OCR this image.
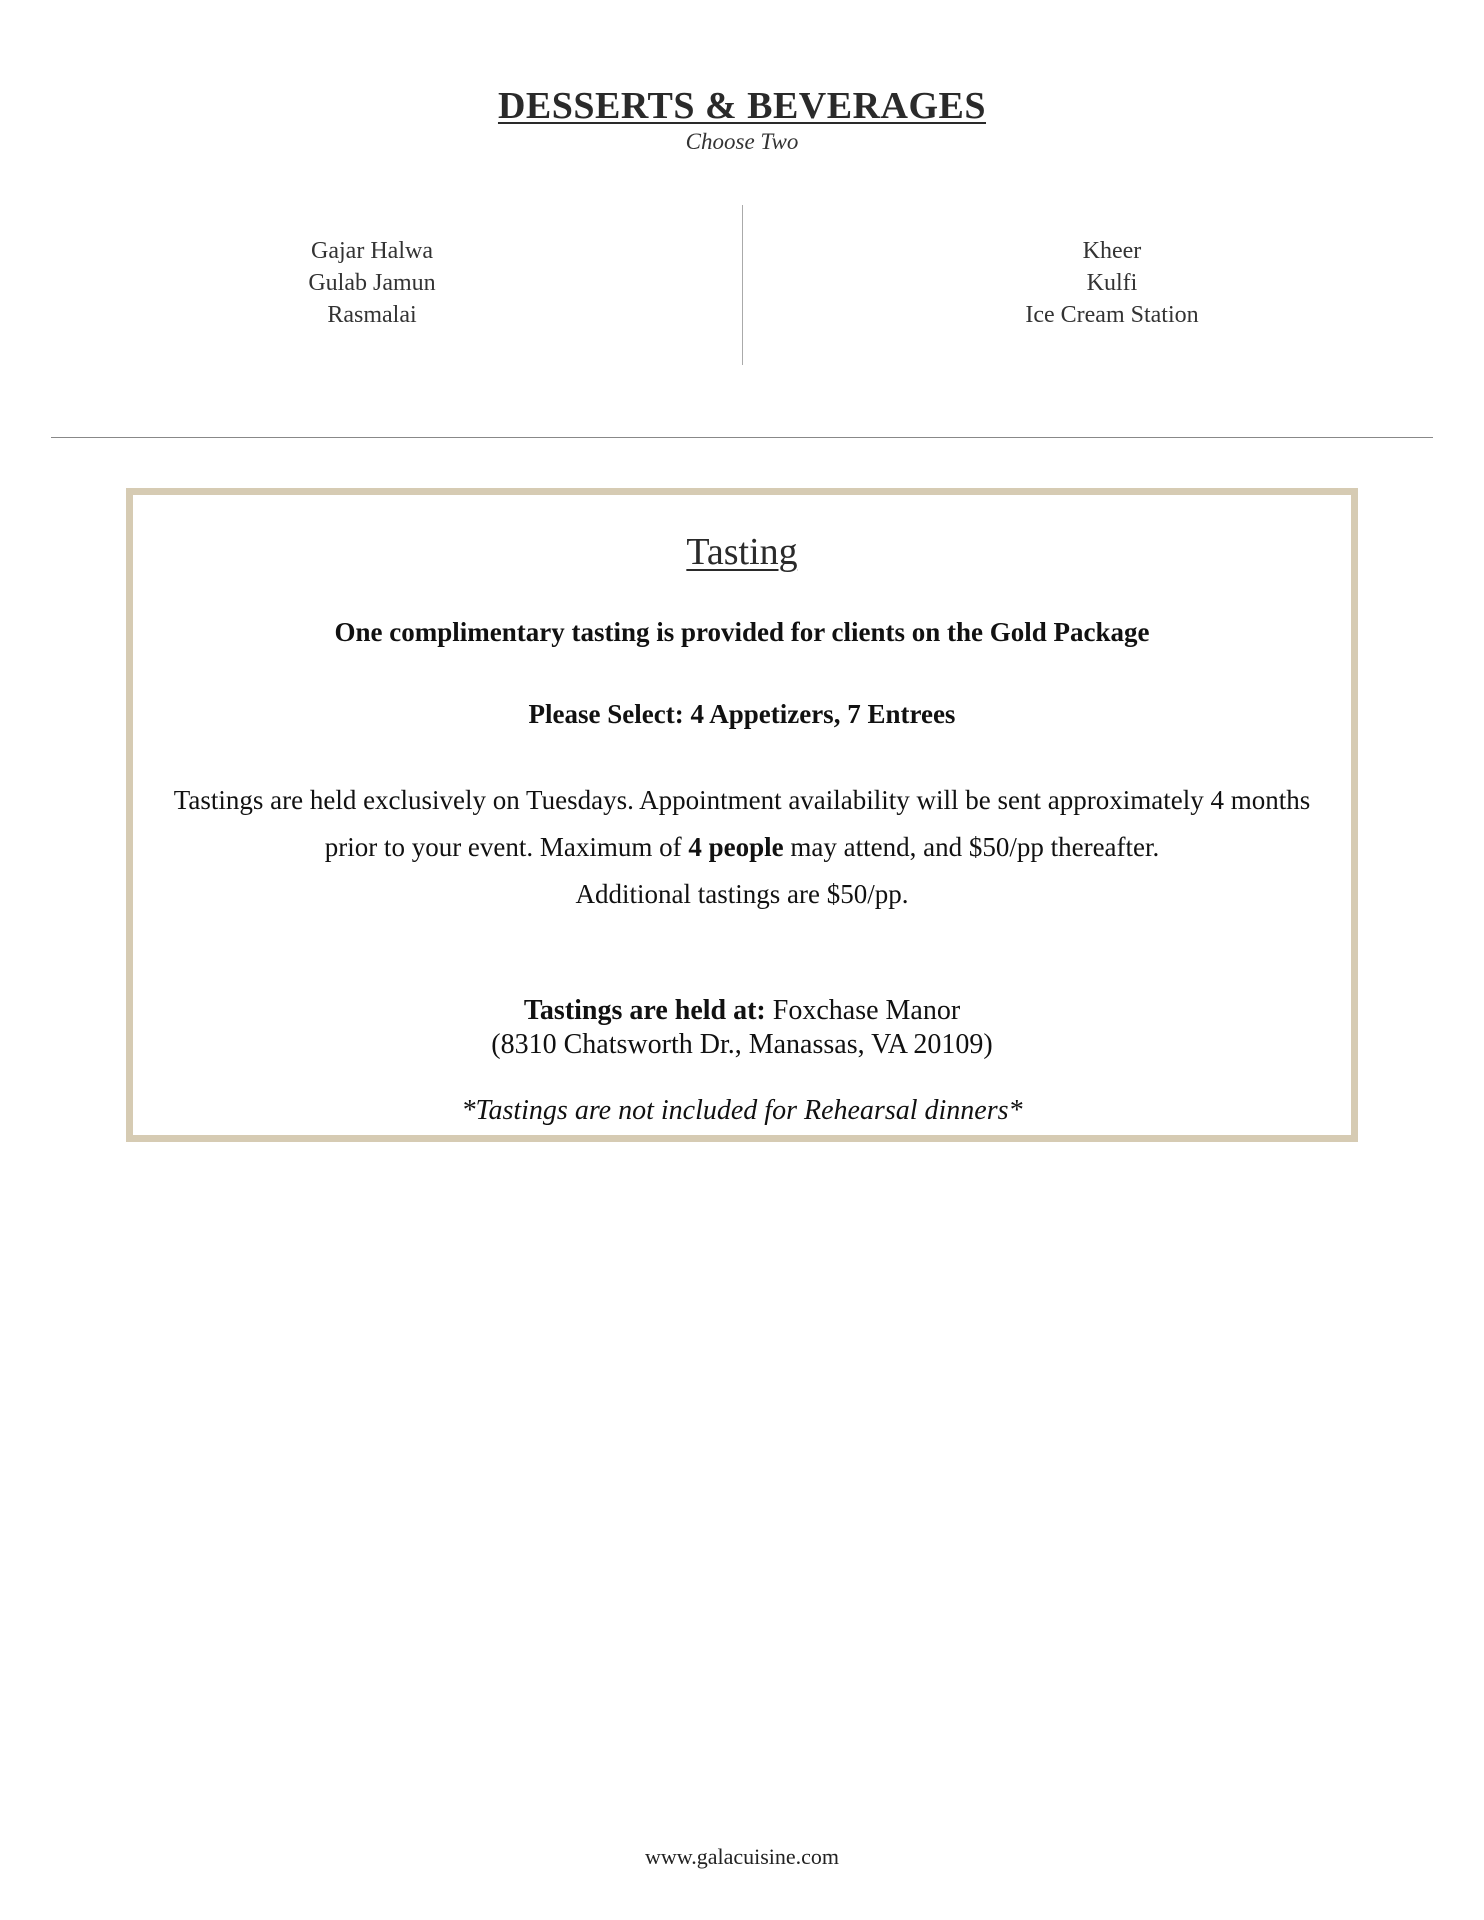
DESSERTS & BEVERAGES
Choose Two
Gajar Halwa
Gulab Jamun
Rasmalai
Kheer
Kulfi
Ice Cream Station
Tasting
One complimentary tasting is provided for clients on the Gold Package
Please Select: 4 Appetizers, 7 Entrees
Tastings are held exclusively on Tuesdays. Appointment availability will be sent approximately 4 months prior to your event. Maximum of 4 people may attend, and $50/pp thereafter.
Additional tastings are $50/pp.
Tastings are held at: Foxchase Manor
(8310 Chatsworth Dr., Manassas, VA 20109)
*Tastings are not included for Rehearsal dinners*
www.galacuisine.com
